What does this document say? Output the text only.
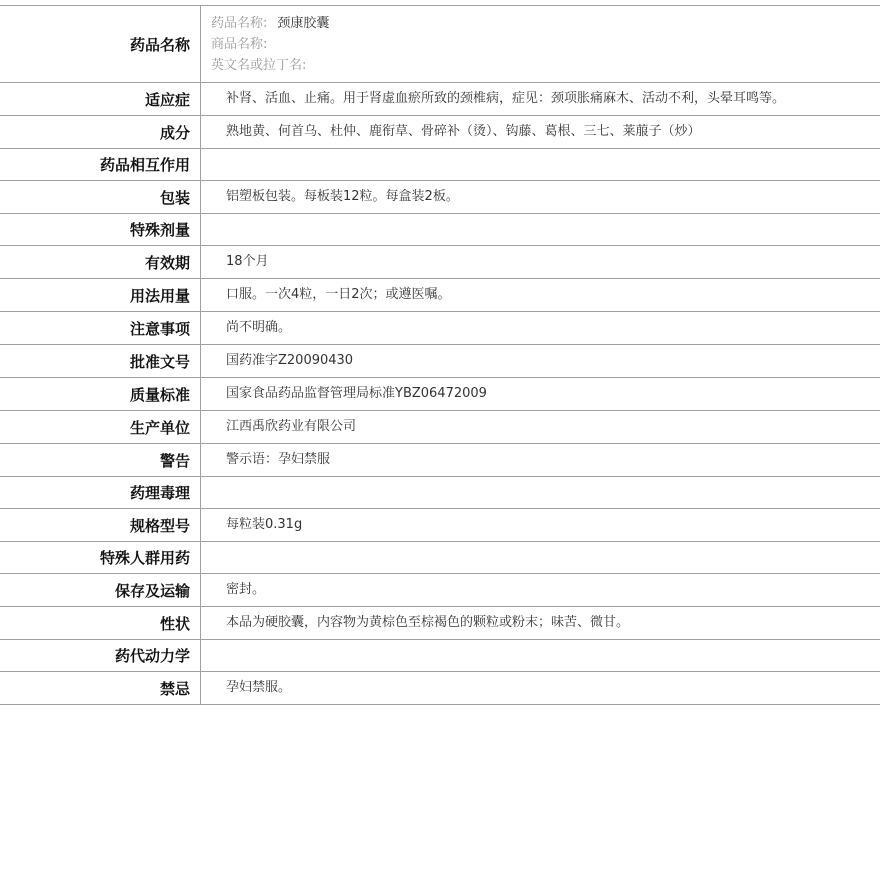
药品名称	药品名称: 颈康胶囊
商品名称:
英文名或拉丁名:

适应症	补肾、活血、止痛。用于肾虚血瘀所致的颈椎病，症见：颈项胀痛麻木、活动不利，头晕耳鸣等。

成分	熟地黄、何首乌、杜仲、鹿衔草、骨碎补（烫）、钩藤、葛根、三七、莱菔子（炒）

药品相互作用	

包装	铝塑板包装。每板装12粒。每盒装2板。

特殊剂量	

有效期	18个月

用法用量	口服。一次4粒，一日2次；或遵医嘱。

注意事项	尚不明确。

批准文号	国药准字Z20090430

质量标准	国家食品药品监督管理局标准YBZ06472009

生产单位	江西禹欣药业有限公司

警告	警示语：孕妇禁服

药理毒理	

规格型号	每粒装0.31g

特殊人群用药	

保存及运输	密封。

性状	本品为硬胶囊，内容物为黄棕色至棕褐色的颗粒或粉末；味苦、微甘。

药代动力学	

禁忌	孕妇禁服。
